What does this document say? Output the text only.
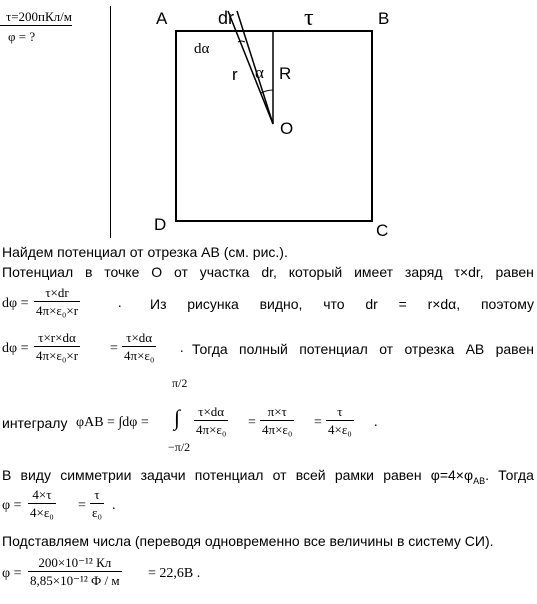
τ=200пКл/м
φ = ?
A	dr	τ	B
dα
r α R
O
D	C
Найдем потенциал от отрезка АВ (см. рис.).
Потенциал в точке О от участка dr, который имеет заряд τ×dr, равен
$d\varphi = \frac{\tau\times dr}{\text{4π×ε₀×r}}$	. Из рисунка видно, что dr = r×dα, поэтому
$d\varphi = \frac{\tau\times r\times d\alpha}{\text{4π×ε₀×r}} = \frac{\tau\times d\alpha}{\text{4π×ε₀}}$ . Тогда полный потенциал от отрезка АВ равен
интегралу φAB = ∫dφ =
π/2
∫
−π/2
$\frac{\tau\times d\alpha}{\text{4π×ε₀}} = \frac{\pi\times\tau}{\text{4π×ε₀}} = \frac{\tau}{\text{4×ε₀}}$ .
В виду симметрии задачи потенциал от всей рамки равен $\varphi=4\times\varphi_{AB}$. Тогда
$\varphi = \frac{4\times\tau}{\text{4×ε₀}} = \frac{\tau}{\text{ε₀}}$ .
Подставляем числа (переводя одновременно все величины в систему СИ).
φ =
200×10⁻¹² Кл
8,85×10⁻¹² Ф / м = 22,6В .
